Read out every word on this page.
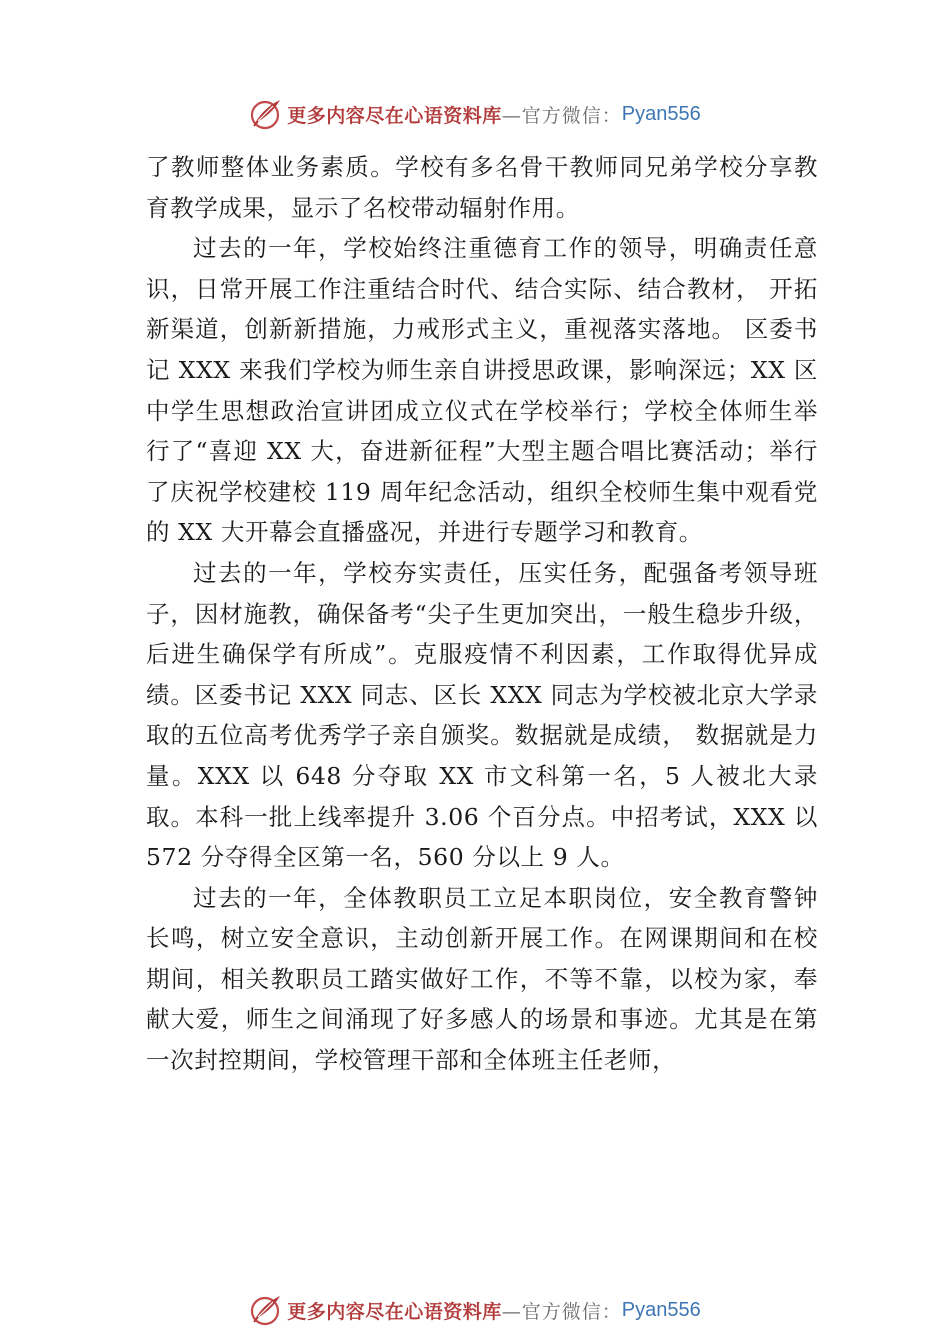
更多内容尽在心语资料库 —官方微信： Pyan556

了教师整体业务素质。学校有多名骨干教师同兄弟学校分享教育教学成果，显示了名校带动辐射作用。

过去的一年，学校始终注重德育工作的领导，明确责任意识，日常开展工作注重结合时代、结合实际、结合教材， 开拓新渠道，创新新措施，力戒形式主义，重视落实落地。 区委书记 XXX 来我们学校为师生亲自讲授思政课，影响深远；XX 区中学生思想政治宣讲团成立仪式在学校举行；学校全体师生举行了“喜迎 XX 大，奋进新征程”大型主题合唱比赛活动；举行了庆祝学校建校 119 周年纪念活动，组织全校师生集中观看党的 XX 大开幕会直播盛况，并进行专题学习和教育。

过去的一年，学校夯实责任，压实任务，配强备考领导班子，因材施教，确保备考“尖子生更加突出，一般生稳步升级，后进生确保学有所成”。克服疫情不利因素，工作取得优异成绩。区委书记 XXX 同志、区长 XXX 同志为学校被北京大学录取的五位高考优秀学子亲自颁奖。数据就是成绩， 数据就是力量。XXX 以 648 分夺取 XX 市文科第一名，5 人被北大录取。本科一批上线率提升 3.06 个百分点。中招考试，XXX 以 572 分夺得全区第一名，560 分以上 9 人。

过去的一年，全体教职员工立足本职岗位，安全教育警钟长鸣，树立安全意识，主动创新开展工作。在网课期间和在校期间，相关教职员工踏实做好工作，不等不靠，以校为家，奉献大爱，师生之间涌现了好多感人的场景和事迹。尤其是在第一次封控期间，学校管理干部和全体班主任老师，

更多内容尽在心语资料库 —官方微信： Pyan556
